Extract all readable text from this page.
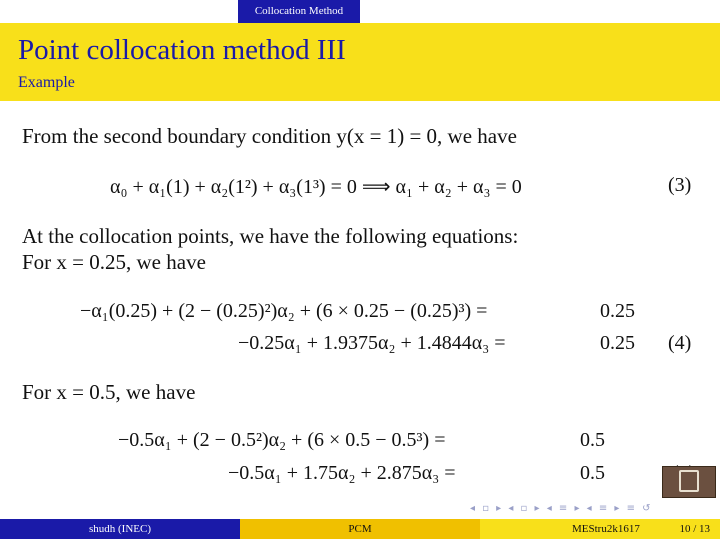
Collocation Method
Point collocation method III
Example
From the second boundary condition y(x = 1) = 0, we have
α₀ + α₁(1) + α₂(1²) + α₃(1³) = 0 ⟹ α₁ + α₂ + α₃ = 0	(3)
At the collocation points, we have the following equations:
For x = 0.25, we have
−α₁(0.25) + (2 − (0.25)²)α₂ + (6 × 0.25 − (0.25)³) =	0.25
−0.25α₁ + 1.9375α₂ + 1.4844α₃ =	0.25 (4)
For x = 0.5, we have
−0.5α₁ + (2 − 0.5²)α₂ + (6 × 0.5 − 0.5³) =	0.5
−0.5α₁ + 1.75α₂ + 2.875α₃ =	0.5
◂ ▫ ▸ ◂ ▫ ▸ ◂ ≡ ▸ ◂ ≡ ▸ ≡ ↺
shudh (INEC)	PCM	MEStru2k1617	10 / 13
